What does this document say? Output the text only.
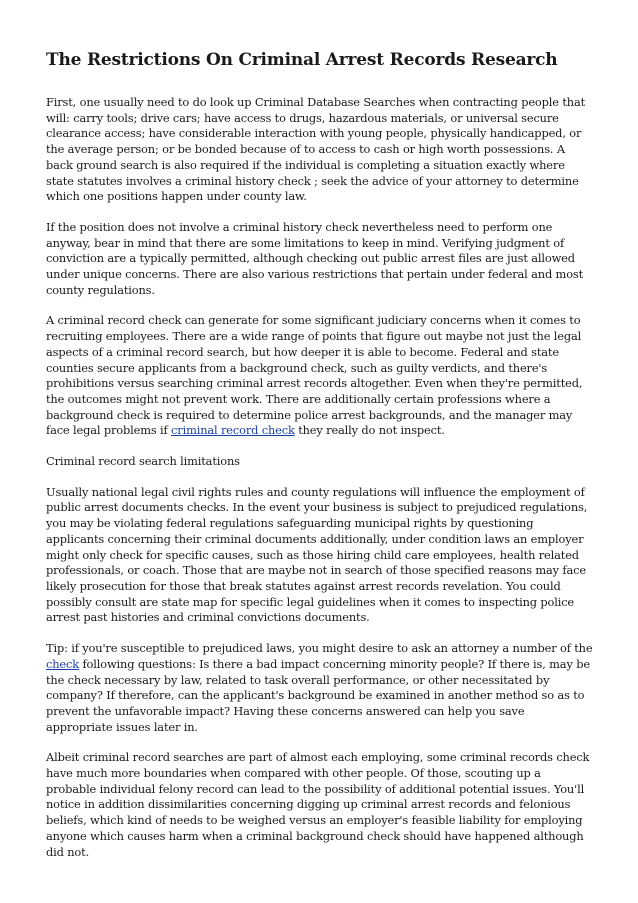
The Restrictions On Criminal Arrest Records Research

First, one usually need to do look up Criminal Database Searches when contracting people that will: carry tools; drive cars; have access to drugs, hazardous materials, or universal secure clearance access; have considerable interaction with young people, physically handicapped, or the average person; or be bonded because of to access to cash or high worth possessions. A back ground search is also required if the individual is completing a situation exactly where state statutes involves a criminal history check ; seek the advice of your attorney to determine which one positions happen under county law.

If the position does not involve a criminal history check nevertheless need to perform one anyway, bear in mind that there are some limitations to keep in mind. Verifying judgment of conviction are a typically permitted, although checking out public arrest files are just allowed under unique concerns. There are also various restrictions that pertain under federal and most county regulations.

A criminal record check can generate for some significant judiciary concerns when it comes to recruiting employees. There are a wide range of points that figure out maybe not just the legal aspects of a criminal record search, but how deeper it is able to become. Federal and state counties secure applicants from a background check, such as guilty verdicts, and there's prohibitions versus searching criminal arrest records altogether. Even when they're permitted, the outcomes might not prevent work. There are additionally certain professions where a background check is required to determine police arrest backgrounds, and the manager may face legal problems if criminal record check they really do not inspect.

Criminal record search limitations

Usually national legal civil rights rules and county regulations will influence the employment of public arrest documents checks. In the event your business is subject to prejudiced regulations, you may be violating federal regulations safeguarding municipal rights by questioning applicants concerning their criminal documents additionally, under condition laws an employer might only check for specific causes, such as those hiring child care employees, health related professionals, or coach. Those that are maybe not in search of those specified reasons may face likely prosecution for those that break statutes against arrest records revelation. You could possibly consult are state map for specific legal guidelines when it comes to inspecting police arrest past histories and criminal convictions documents.

Tip: if you're susceptible to prejudiced laws, you might desire to ask an attorney a number of the check following questions: Is there a bad impact concerning minority people? If there is, may be the check necessary by law, related to task overall performance, or other necessitated by company? If therefore, can the applicant's background be examined in another method so as to prevent the unfavorable impact? Having these concerns answered can help you save appropriate issues later in.

Albeit criminal record searches are part of almost each employing, some criminal records check have much more boundaries when compared with other people. Of those, scouting up a probable individual felony record can lead to the possibility of additional potential issues. You'll notice in addition dissimilarities concerning digging up criminal arrest records and felonious beliefs, which kind of needs to be weighed versus an employer's feasible liability for employing anyone which causes harm when a criminal background check should have happened although did not.
